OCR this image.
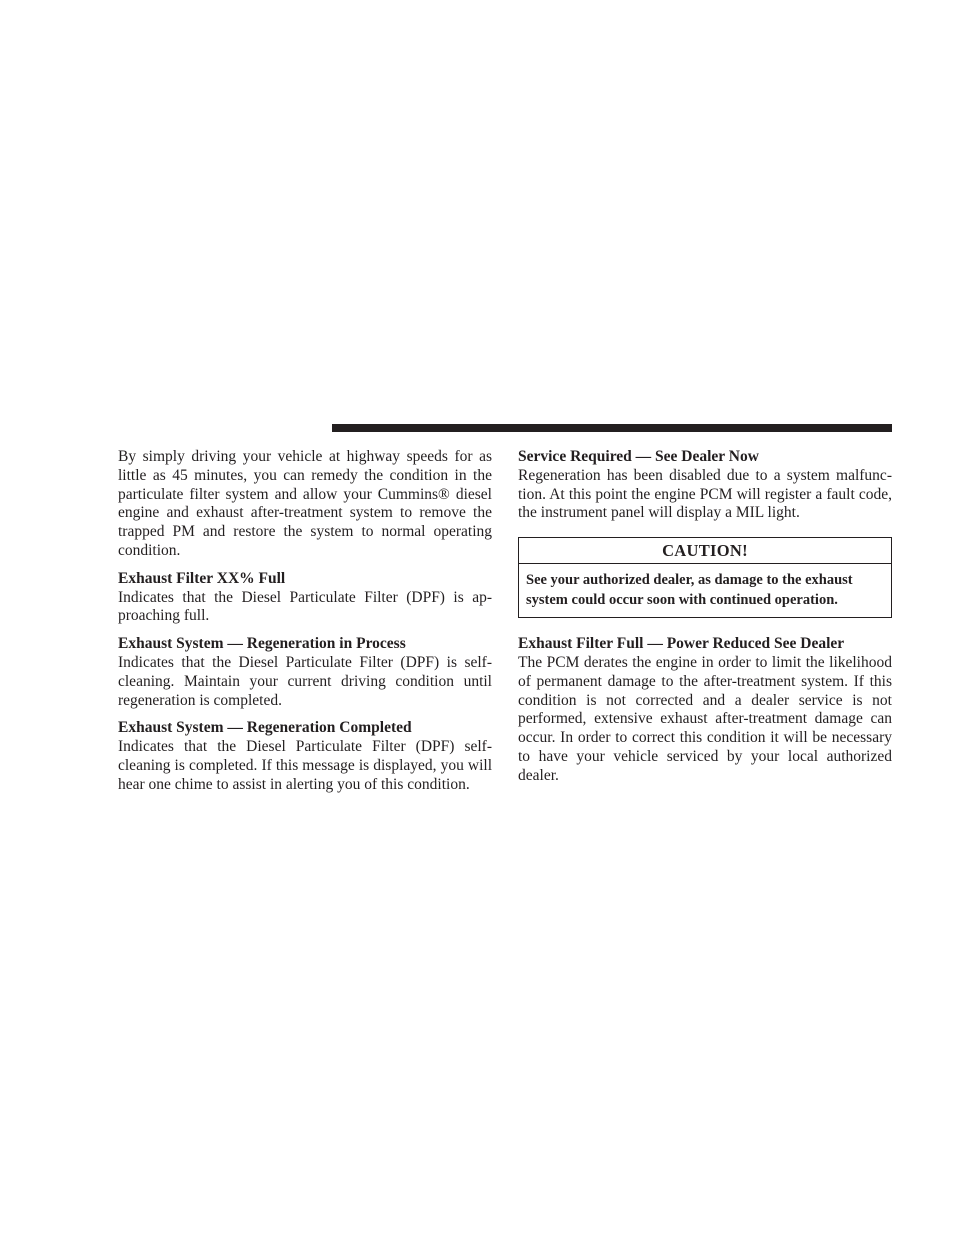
By simply driving your vehicle at highway speeds for as little as 45 minutes, you can remedy the condition in the particulate filter system and allow your Cummins® diesel engine and exhaust after-treatment system to remove the trapped PM and restore the system to normal operating condition.

Exhaust Filter XX% Full

Indicates that the Diesel Particulate Filter (DPF) is approaching full.

Exhaust System — Regeneration in Process

Indicates that the Diesel Particulate Filter (DPF) is self-cleaning. Maintain your current driving condition until regeneration is completed.

Exhaust System — Regeneration Completed

Indicates that the Diesel Particulate Filter (DPF) self-cleaning is completed. If this message is displayed, you will hear one chime to assist in alerting you of this condition.

Service Required — See Dealer Now

Regeneration has been disabled due to a system malfunction. At this point the engine PCM will register a fault code, the instrument panel will display a MIL light.

CAUTION!
See your authorized dealer, as damage to the exhaust system could occur soon with continued operation.
Exhaust Filter Full — Power Reduced See Dealer

The PCM derates the engine in order to limit the likelihood of permanent damage to the after-treatment system. If this condition is not corrected and a dealer service is not performed, extensive exhaust after-treatment damage can occur. In order to correct this condition it will be necessary to have your vehicle serviced by your local authorized dealer.
